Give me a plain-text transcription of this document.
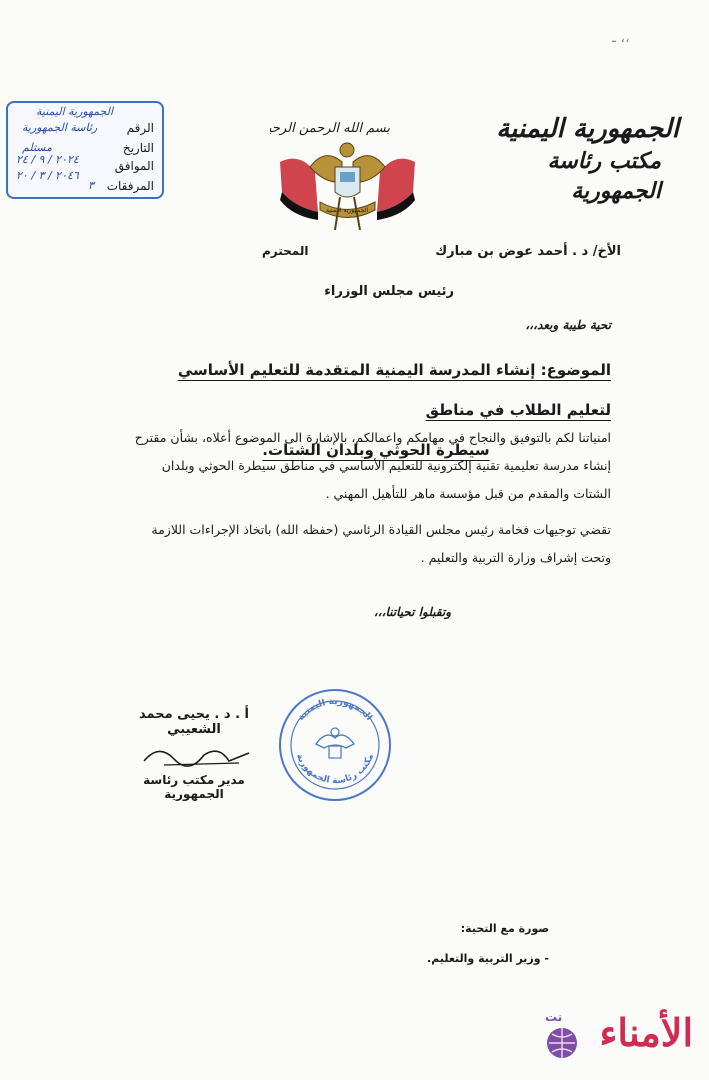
ـ ،،
الجمهورية اليمنية
مكتب رئاسة الجمهورية
بسم الله الرحمن الرحيم
الجمهورية اليمنية
الجمهورية اليمنية
الرقم
رئاسة الجمهورية
التاريخ
مستلم
الموافق
٢٠٢٤ / ٩ / ٢٤
٢٠٤٦ / ٣ / ٢٠
المرفقات
٣
الأخ/ د . أحمد عوض بن مبارك
المحترم
رئيس مجلس الوزراء
تحية طيبة وبعد،،،
الموضوع: إنشاء المدرسة اليمنية المتقدمة للتعليم الأساسي لتعليم الطلاب في مناطق
سيطرة الحوثي وبلدان الشتات.

امنياتنا لكم بالتوفيق والنجاح في مهامكم واعمالكم، بالإشارة الى الموضوع أعلاه، بشأن مقترح إنشاء مدرسة تعليمية تقنية إلكترونية للتعليم الأساسي في مناطق سيطرة الحوثي وبلدان الشتات والمقدم من قبل مؤسسة ماهر للتأهيل المهني .

تقضي توجيهات فخامة رئيس مجلس القيادة الرئاسي (حفظه الله) باتخاذ الإجراءات اللازمة وتحت إشراف وزارة التربية والتعليم .

وتقبلوا تحياتنا،،،
أ . د . يحيى محمد الشعيبي
مدير مكتب رئاسة الجمهورية
الجمهورية اليمنية
مكتب رئاسة الجمهورية
صورة مع التحية:
- وزير التربية والتعليم.
الأمناء
نت
